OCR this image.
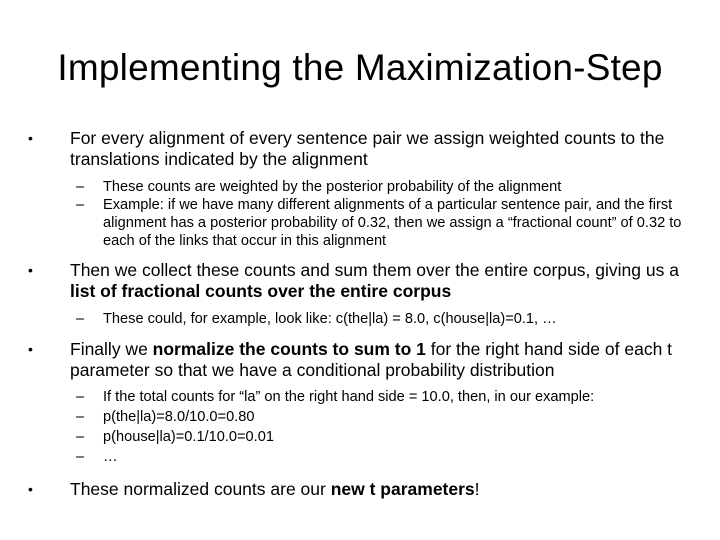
Implementing the Maximization-Step
•	For every alignment of every sentence pair we assign weighted counts to the translations indicated by the alignment
– These counts are weighted by the posterior probability of the alignment
– Example: if we have many different alignments of a particular sentence pair, and the first alignment has a posterior probability of 0.32, then we assign a “fractional count” of 0.32 to each of the links that occur in this alignment
•	Then we collect these counts and sum them over the entire corpus, giving us a list of fractional counts over the entire corpus
– These could, for example, look like: c(the|la) = 8.0, c(house|la)=0.1, …
•	Finally we normalize the counts to sum to 1 for the right hand side of each t parameter so that we have a conditional probability distribution
– If the total counts for “la” on the right hand side = 10.0, then, in our example:
– p(the|la)=8.0/10.0=0.80
– p(house|la)=0.1/10.0=0.01
– …
•	These normalized counts are our new t parameters!
